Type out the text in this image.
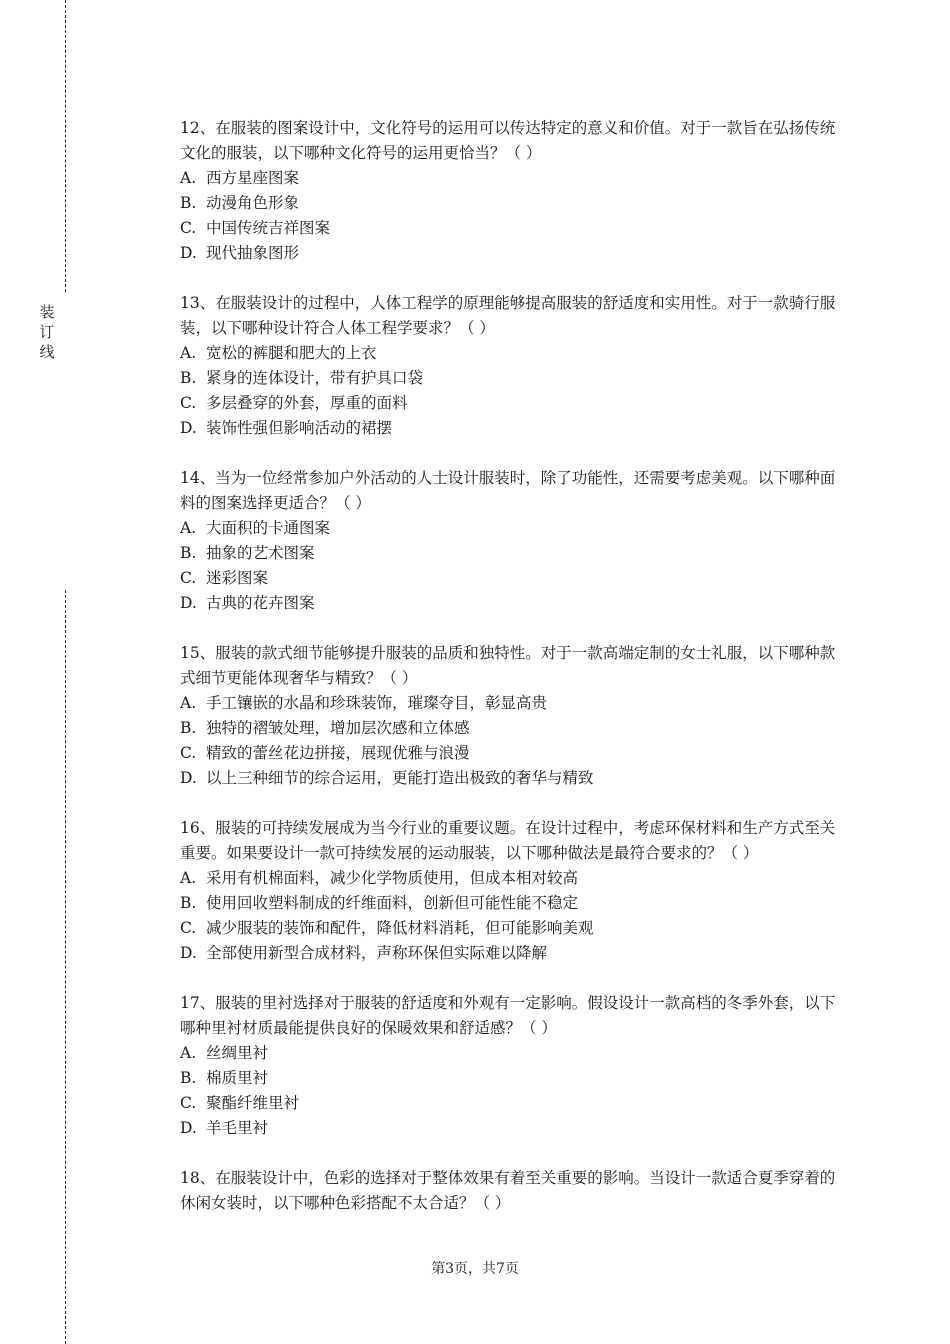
装
订
线

12、在服装的图案设计中，文化符号的运用可以传达特定的意义和价值。对于一款旨在弘扬传统文化的服装，以下哪种文化符号的运用更恰当？（ ）

A. 西方星座图案

B. 动漫角色形象

C. 中国传统吉祥图案

D. 现代抽象图形

13、在服装设计的过程中，人体工程学的原理能够提高服装的舒适度和实用性。对于一款骑行服装，以下哪种设计符合人体工程学要求？（ ）

A. 宽松的裤腿和肥大的上衣

B. 紧身的连体设计，带有护具口袋

C. 多层叠穿的外套，厚重的面料

D. 装饰性强但影响活动的裙摆

14、当为一位经常参加户外活动的人士设计服装时，除了功能性，还需要考虑美观。以下哪种面料的图案选择更适合？（ ）

A. 大面积的卡通图案

B. 抽象的艺术图案

C. 迷彩图案

D. 古典的花卉图案

15、服装的款式细节能够提升服装的品质和独特性。对于一款高端定制的女士礼服，以下哪种款式细节更能体现奢华与精致？（ ）

A. 手工镶嵌的水晶和珍珠装饰，璀璨夺目，彰显高贵

B. 独特的褶皱处理，增加层次感和立体感

C. 精致的蕾丝花边拼接，展现优雅与浪漫

D. 以上三种细节的综合运用，更能打造出极致的奢华与精致

16、服装的可持续发展成为当今行业的重要议题。在设计过程中，考虑环保材料和生产方式至关重要。如果要设计一款可持续发展的运动服装，以下哪种做法是最符合要求的？（ ）

A. 采用有机棉面料，减少化学物质使用，但成本相对较高

B. 使用回收塑料制成的纤维面料，创新但可能性能不稳定

C. 减少服装的装饰和配件，降低材料消耗，但可能影响美观

D. 全部使用新型合成材料，声称环保但实际难以降解

17、服装的里衬选择对于服装的舒适度和外观有一定影响。假设设计一款高档的冬季外套，以下哪种里衬材质最能提供良好的保暖效果和舒适感？（ ）

A. 丝绸里衬

B. 棉质里衬

C. 聚酯纤维里衬

D. 羊毛里衬

18、在服装设计中，色彩的选择对于整体效果有着至关重要的影响。当设计一款适合夏季穿着的休闲女装时，以下哪种色彩搭配不太合适？（ ）

第3页，共7页
